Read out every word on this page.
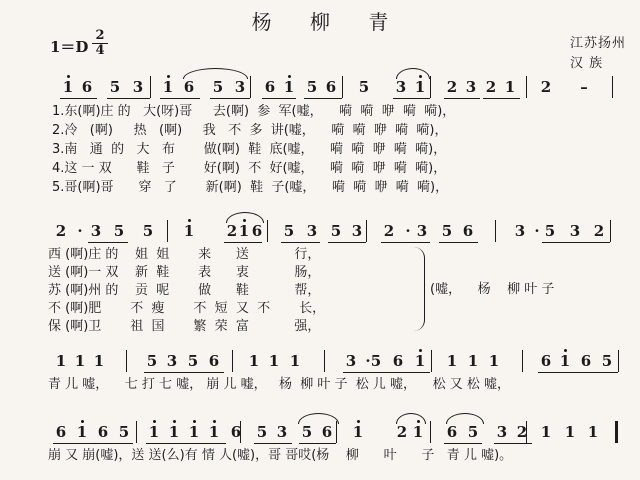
杨 柳 青
1＝D
2
4	江苏扬州
汉 族
1 6 5 3 1 6 5 3 6 1 5 6 5 3 1 2 3 2 1 2 –
2 · 3 5 5 1 2 1 6 5 3 5 3 2 · 3 5 6	3 · 5 3 2
1 1 1	5 3 5 6 1 1 1	3 · 5 6 1 1 1 1	6 1 6 5
6 1 6 5 1 1 1 1 6 5 3 5 6 1 2 1 6 5 3 2 1 1 1
1.东(啊)庄 的   大(呀)哥     去(啊)  参  军(嘘，    嗬  嗬  咿  嗬  嗬)，
2.冷   (啊)     热   (啊)     我   不  多  讲(嘘，    嗬  嗬  咿  嗬  嗬)，
3.南   通  的   大   布       做(啊)  鞋  底(嘘，    嗬  嗬  咿  嗬  嗬)，
4.这 一 双      鞋   子       好(啊)  不  好(嘘，    嗬  嗬  咿  嗬  嗬)，
5.哥(啊)哥      穿   了       新(啊)  鞋  子(嘘，    嗬  嗬  咿  嗬  嗬)，
西 (啊)庄 的    姐  姐       来      送           行，
送 (啊)一 双    新  鞋       表      衷           肠，
苏 (啊)州 的    贡  呢       做      鞋           帮，
不 (啊)肥       不  瘦       不  短  又  不       长，
保 (啊)卫       祖  国       繁  荣  富           强，
(嘘，    杨    柳 叶 子
青 儿 嘘，    七 打 七 嘘， 崩 儿 嘘，   杨  柳 叶 子  松 儿 嘘，    松 又 松 嘘，
崩 又 崩(嘘)，送 送(么)有 情 人(嘘)，哥 哥哎(杨    柳      叶      子   青 儿 嘘)。
